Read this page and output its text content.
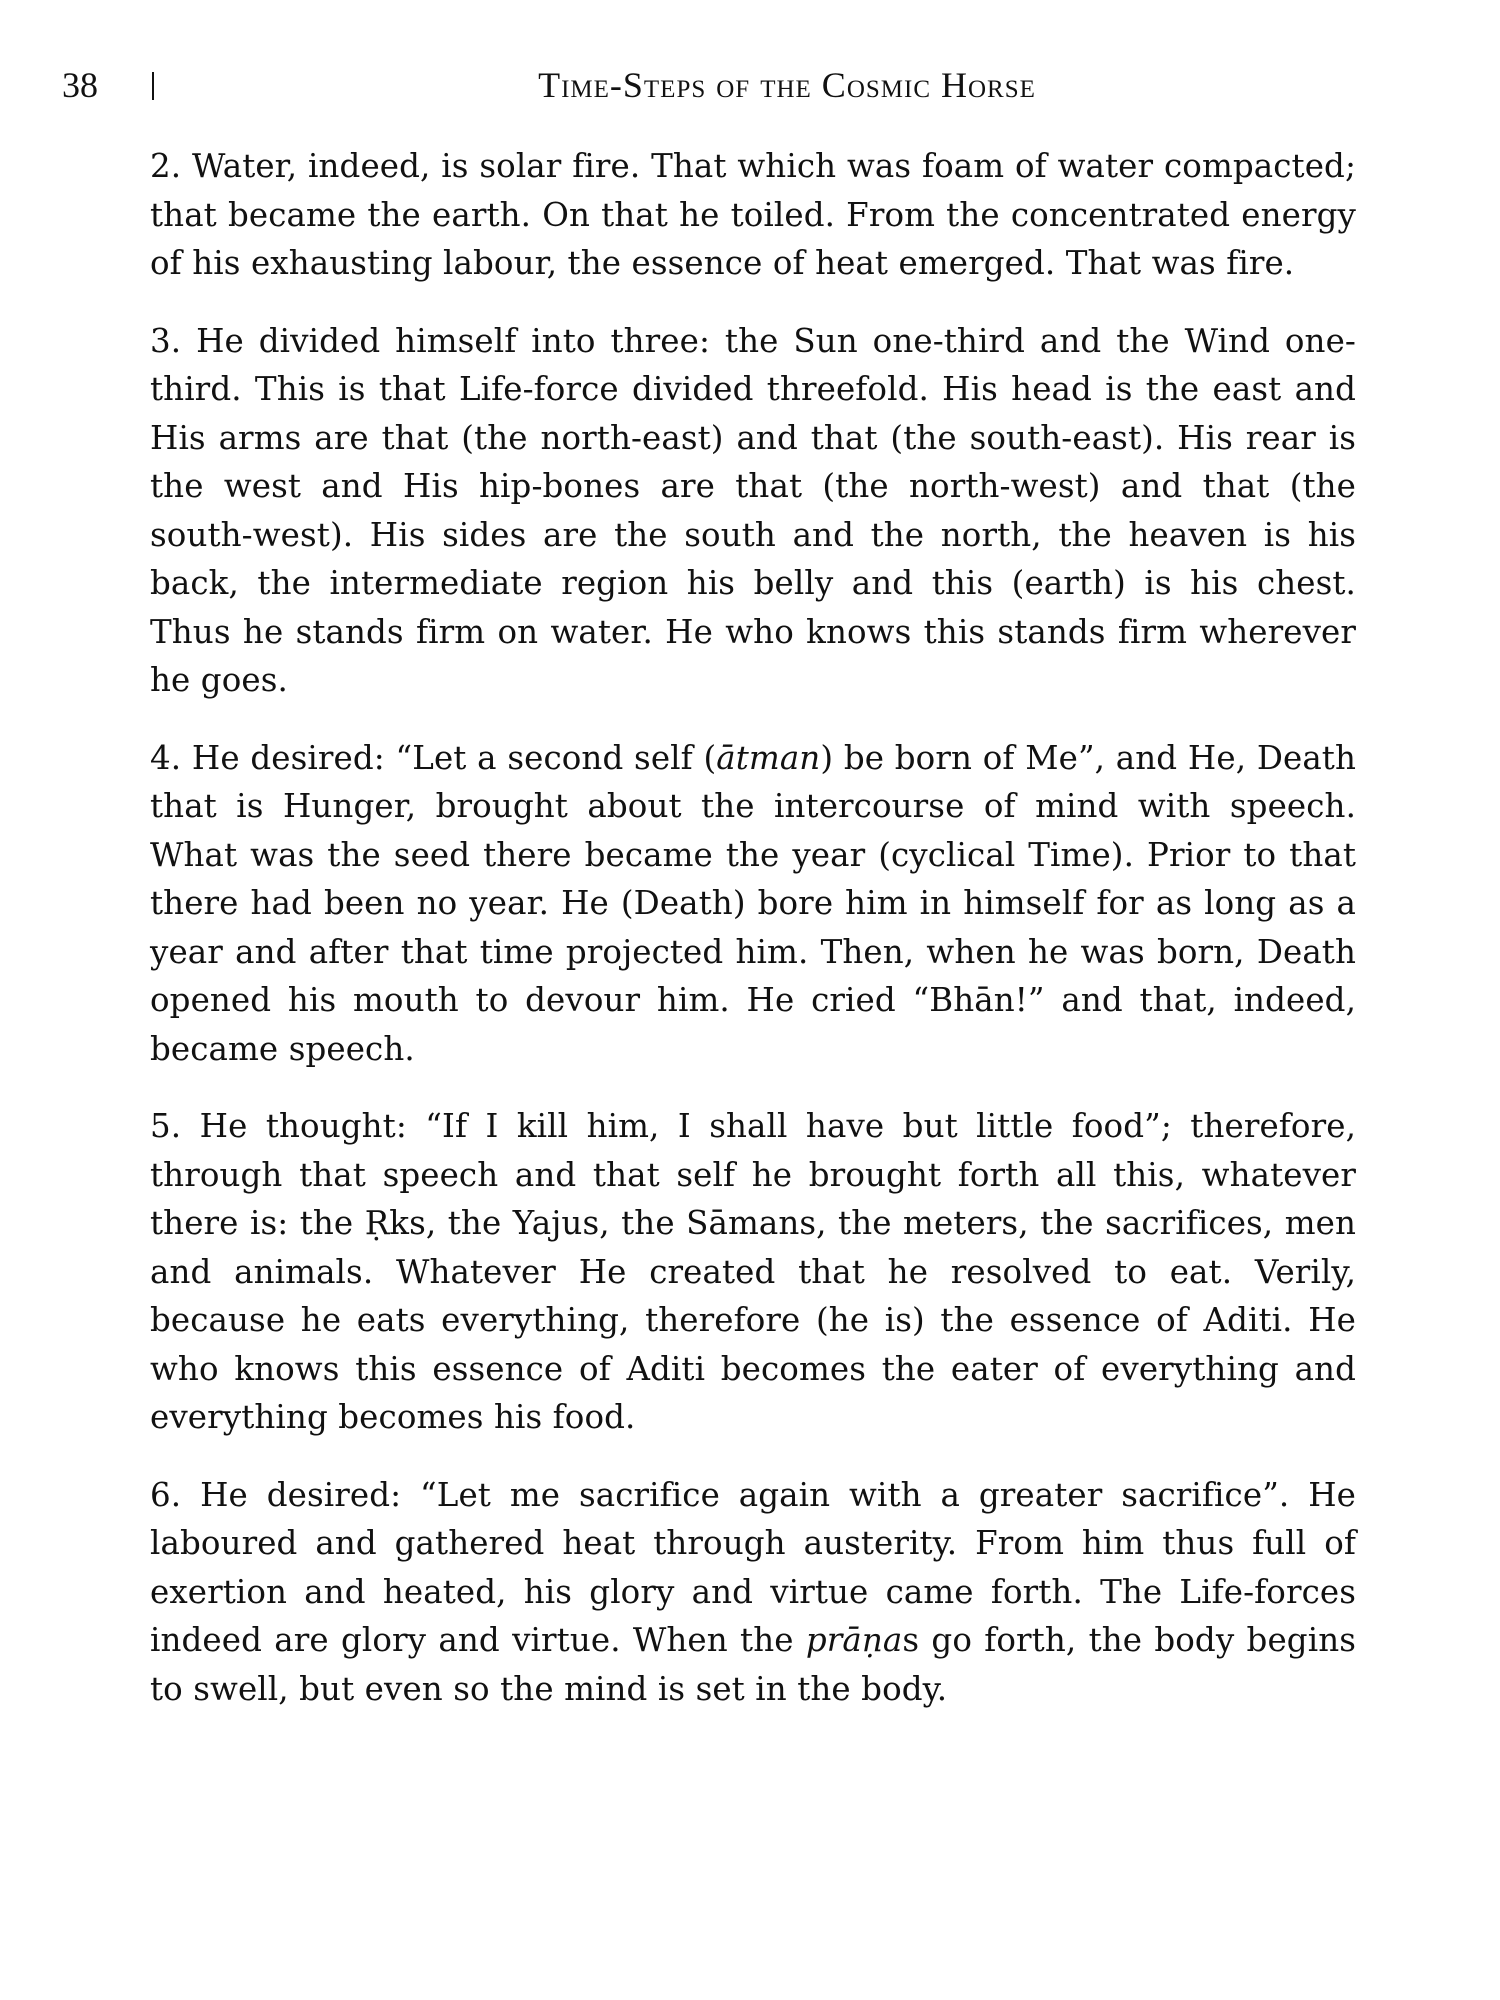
38	Time-Steps of the Cosmic Horse

2. Water, indeed, is solar fire. That which was foam of water compacted; that became the earth. On that he toiled. From the concentrated energy of his exhausting labour, the essence of heat emerged. That was fire.

3. He divided himself into three: the Sun one-third and the Wind one-third. This is that Life-force divided threefold. His head is the east and His arms are that (the north-east) and that (the south-east). His rear is the west and His hip-bones are that (the north-west) and that (the south-west). His sides are the south and the north, the heaven is his back, the intermediate region his belly and this (earth) is his chest. Thus he stands firm on water. He who knows this stands firm wherever he goes.

4. He desired: “Let a second self (ātman) be born of Me”, and He, Death that is Hunger, brought about the intercourse of mind with speech. What was the seed there became the year (cyclical Time). Prior to that there had been no year. He (Death) bore him in himself for as long as a year and after that time projected him. Then, when he was born, Death opened his mouth to devour him. He cried “Bhān!” and that, indeed, became speech.

5. He thought: “If I kill him, I shall have but little food”; therefore, through that speech and that self he brought forth all this, whatever there is: the Ṛks, the Yajus, the Sāmans, the meters, the sacrifices, men and animals. Whatever He created that he resolved to eat. Verily, because he eats everything, therefore (he is) the essence of Aditi. He who knows this essence of Aditi becomes the eater of everything and everything becomes his food.

6. He desired: “Let me sacrifice again with a greater sacrifice”. He laboured and gathered heat through austerity. From him thus full of exertion and heated, his glory and virtue came forth. The Life-forces indeed are glory and virtue. When the prāṇas go forth, the body begins to swell, but even so the mind is set in the body.
